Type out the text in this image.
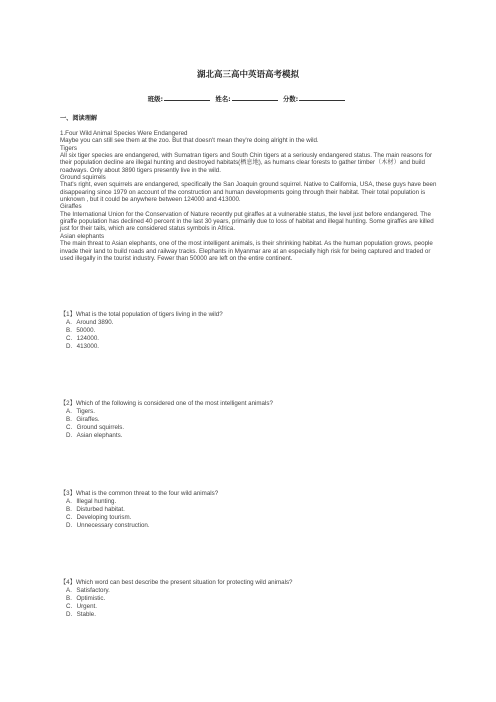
湖北高三高中英语高考模拟
班级:	姓名:	分数:
一、阅读理解

1.Four Wild Animal Species Were Endangered

Maybe you can still see them at the zoo. But that doesn't mean they're doing alright in the wild.

Tigers

All six tiger species are endangered, with Sumatran tigers and South Chin tigers at a seriously endangered status. The main reasons for their population decline are illegal hunting and destroyed habitats(栖息地), as humans clear forests to gather timber（木材）and build roadways. Only about 3890 tigers presently live in the wild.

Ground squirrels

That's right, even squirrels are endangered, specifically the San Joaquin ground squirrel. Native to California, USA, these guys have been disappearing since 1979 on account of the construction and human developments going through their habitat. Their total population is unknown , but it could be anywhere between 124000 and 413000.

Giraffes

The International Union for the Conservation of Nature recently put giraffes at a vulnerable status, the level just before endangered. The giraffe population has declined 40 percent in the last 30 years, primarily due to loss of habitat and illegal hunting. Some giraffes are killed just for their tails, which are considered status symbols in Africa.

Asian elephants

The main threat to Asian elephants, one of the most intelligent animals, is their shrinking habitat. As the human population grows, people invade their land to build roads and railway tracks. Elephants in Myanmar are at an especially high risk for being captured and traded or used illegally in the tourist industry. Fewer than 50000 are left on the entire continent.

【1】What is the total population of tigers living in the wild?

A．Around 3890.

B．50000.

C．124000.

D．413000.

【2】Which of the following is considered one of the most intelligent animals?

A．Tigers.

B．Giraffes.

C．Ground squirrels.

D．Asian elephants.

【3】What is the common threat to the four wild animals?

A．Illegal hunting.

B．Disturbed habitat.

C．Developing tourism.

D．Unnecessary construction.

【4】Which word can best describe the present situation for protecting wild animals?

A．Satisfactory.

B．Optimistic.

C．Urgent.

D．Stable.
